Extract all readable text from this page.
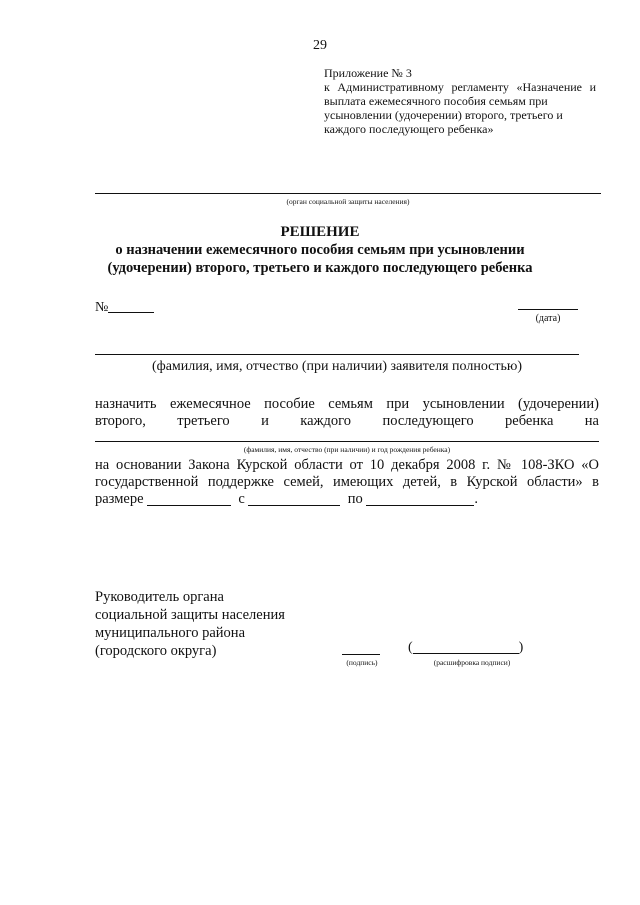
29
Приложение № 3
к Административному регламенту «Назначение и
выплата ежемесячного пособия семьям при
усыновлении (удочерении) второго, третьего и
каждого последующего ребенка»
(орган социальной защиты населения)
РЕШЕНИЕ
о назначении ежемесячного пособия семьям при усыновлении
(удочерении) второго, третьего и каждого последующего ребенка
№
(дата)
(фамилия, имя, отчество (при наличии) заявителя полностью)
назначить ежемесячное пособие семьям при усыновлении (удочерении)
второго, третьего и каждого последующего ребенка на
(фамилия, имя, отчество (при наличии) и год рождения ребенка)
на основании Закона Курской области от 10 декабря 2008 г. № 108-ЗКО «О
государственной поддержке семей, имеющих детей, в Курской области» в
размере	с	по	.
Руководитель органа
социальной защиты населения
муниципального района
(городского округа)
(подпись)
(	)
(расшифровка подписи)
